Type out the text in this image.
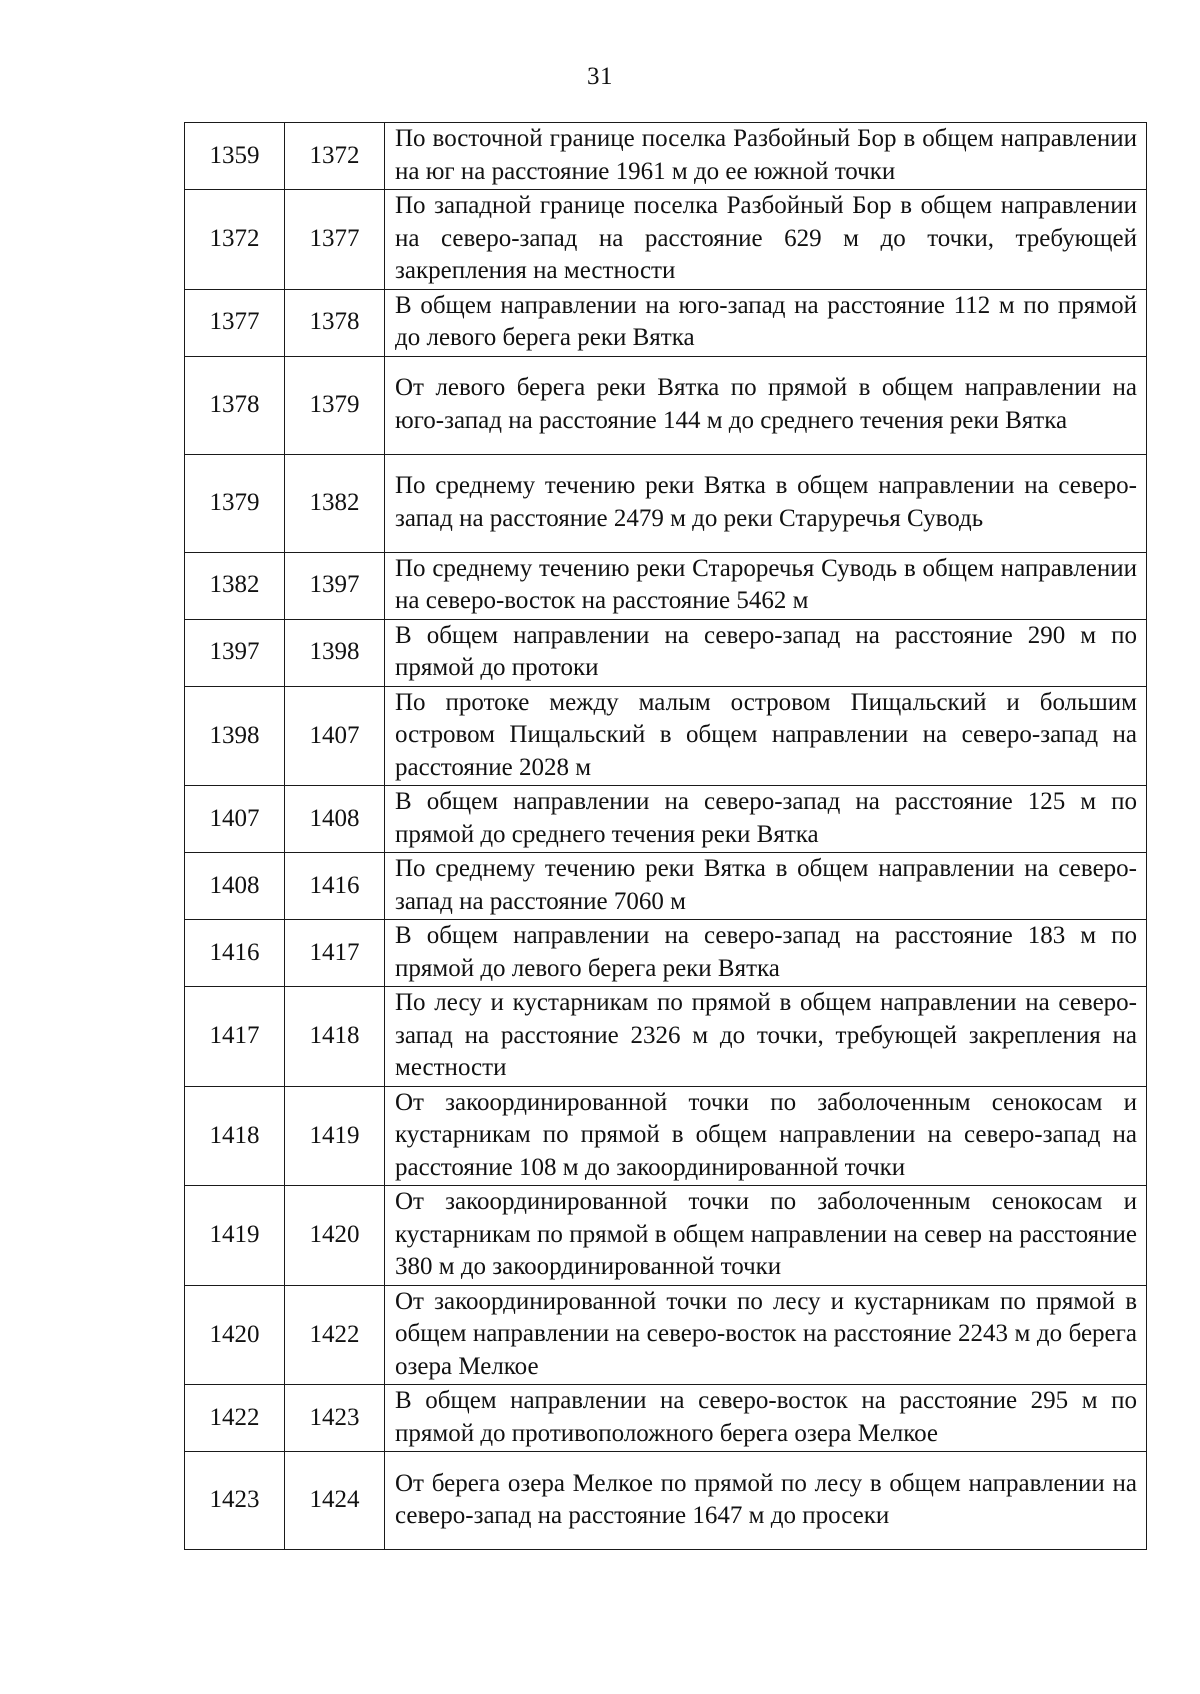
31
1359	1372	По восточной границе поселка Разбойный Бор в общем направлении на юг на расстояние 1961 м до ее южной точки

1372	1377	По западной границе поселка Разбойный Бор в общем направлении на северо-запад на расстояние 629 м до точки, требующей закрепления на местности

1377	1378	В общем направлении на юго-запад на расстояние 112 м по прямой до левого берега реки Вятка

1378	1379	От левого берега реки Вятка по прямой в общем направлении на юго-запад на расстояние 144 м до среднего течения реки Вятка

1379	1382	По среднему течению реки Вятка в общем направлении на северо-запад на расстояние 2479 м до реки Старуречья Суводь

1382	1397	По среднему течению реки Староречья Суводь в общем направлении на северо-восток на расстояние 5462 м

1397	1398	В общем направлении на северо-запад на расстояние 290 м по прямой до протоки

1398	1407	По протоке между малым островом Пищальский и большим островом Пищальский в общем направлении на северо-запад на расстояние 2028 м

1407	1408	В общем направлении на северо-запад на расстояние 125 м по прямой до среднего течения реки Вятка

1408	1416	По среднему течению реки Вятка в общем направлении на северо-запад на расстояние 7060 м

1416	1417	В общем направлении на северо-запад на расстояние 183 м по прямой до левого берега реки Вятка

1417	1418	По лесу и кустарникам по прямой в общем направлении на северо-запад на расстояние 2326 м до точки, требующей закрепления на местности

1418	1419	От закоординированной точки по заболоченным сенокосам и кустарникам по прямой в общем направлении на северо-запад на расстояние 108 м до закоординированной точки

1419	1420	От закоординированной точки по заболоченным сенокосам и кустарникам по прямой в общем направлении на север на расстояние 380 м до закоординированной точки

1420	1422	От закоординированной точки по лесу и кустарникам по прямой в общем направлении на северо-восток на расстояние 2243 м до берега озера Мелкое

1422	1423	В общем направлении на северо-восток на расстояние 295 м по прямой до противоположного берега озера Мелкое

1423	1424	От берега озера Мелкое по прямой по лесу в общем направлении на северо-запад на расстояние 1647 м до просеки
